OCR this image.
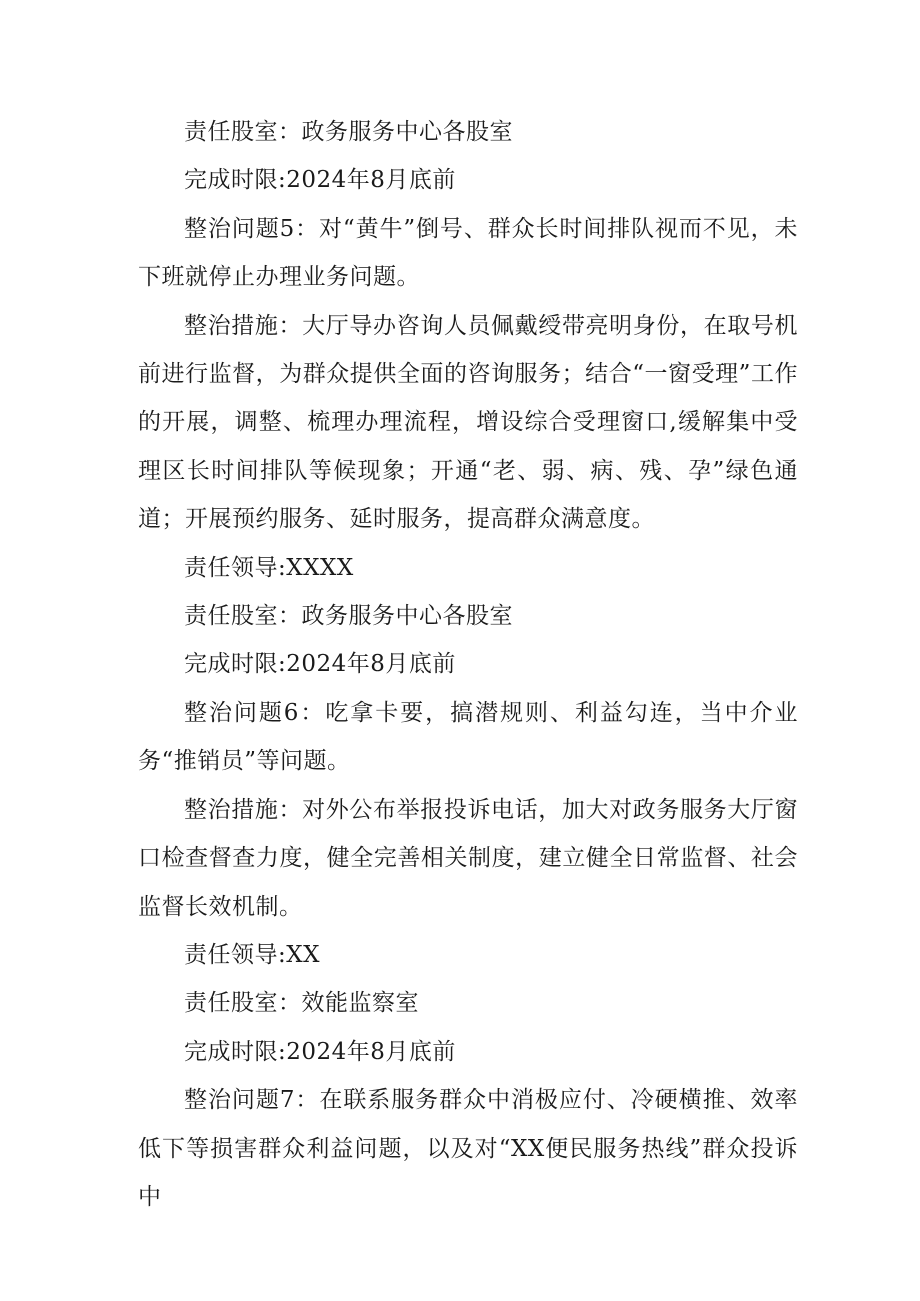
责任股室：政务服务中心各股室

完成时限:2024年8月底前

整治问题5：对“黄牛”倒号、群众长时间排队视而不见，未下班就停止办理业务问题。

整治措施：大厅导办咨询人员佩戴绶带亮明身份，在取号机前进行监督，为群众提供全面的咨询服务；结合“一窗受理”工作的开展，调整、梳理办理流程，增设综合受理窗口,缓解集中受理区长时间排队等候现象；开通“老、弱、病、残、孕”绿色通道；开展预约服务、延时服务，提高群众满意度。

责任领导:XXXX

责任股室：政务服务中心各股室

完成时限:2024年8月底前

整治问题6：吃拿卡要，搞潜规则、利益勾连，当中介业务“推销员”等问题。

整治措施：对外公布举报投诉电话，加大对政务服务大厅窗口检查督查力度，健全完善相关制度，建立健全日常监督、社会监督长效机制。

责任领导:XX

责任股室：效能监察室

完成时限:2024年8月底前

整治问题7：在联系服务群众中消极应付、冷硬横推、效率低下等损害群众利益问题，以及对“XX便民服务热线”群众投诉中
